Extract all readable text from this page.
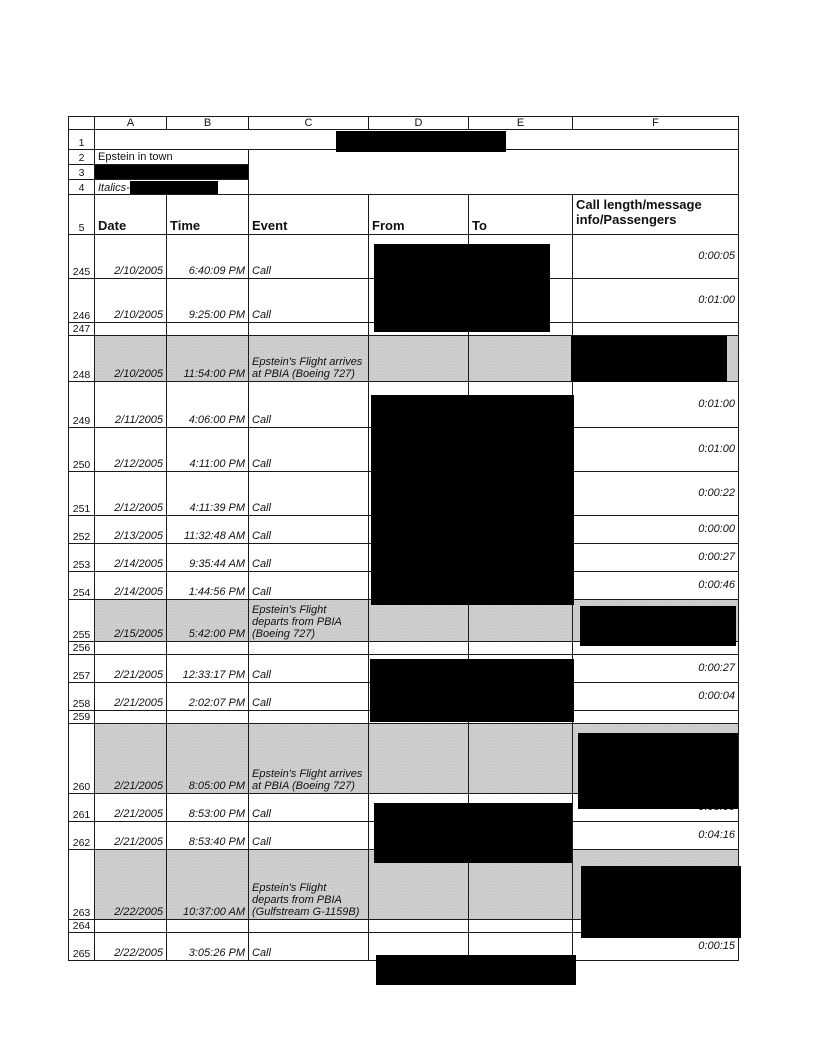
	A	B	C	D	E	F
1						
2	Epstein in town					
3						
4	Italics-					

5	Date	Time	Event	From	To	Call length/message info/Passengers
245	2/10/2005	6:40:09 PM	Call			0:00:05
246	2/10/2005	9:25:00 PM	Call			0:01:00
247						
248	2/10/2005	11:54:00 PM	Epstein's Flight arrives at PBIA (Boeing 727)			
249	2/11/2005	4:06:00 PM	Call			0:01:00
250	2/12/2005	4:11:00 PM	Call			0:01:00
251	2/12/2005	4:11:39 PM	Call			0:00:22
252	2/13/2005	11:32:48 AM	Call			0:00:00
253	2/14/2005	9:35:44 AM	Call			0:00:27
254	2/14/2005	1:44:56 PM	Call			0:00:46
255	2/15/2005	5:42:00 PM	Epstein's Flight departs from PBIA (Boeing 727)			
256						
257	2/21/2005	12:33:17 PM	Call			0:00:27
258	2/21/2005	2:02:07 PM	Call			0:00:04
259						
260	2/21/2005	8:05:00 PM	Epstein's Flight arrives at PBIA (Boeing 727)			
261	2/21/2005	8:53:00 PM	Call			
262	2/21/2005	8:53:40 PM	Call			0:04:16
263	2/22/2005	10:37:00 AM	Epstein's Flight departs from PBIA (Gulfstream G-1159B)			
264						
265	2/22/2005	3:05:26 PM	Call			0:00:15
